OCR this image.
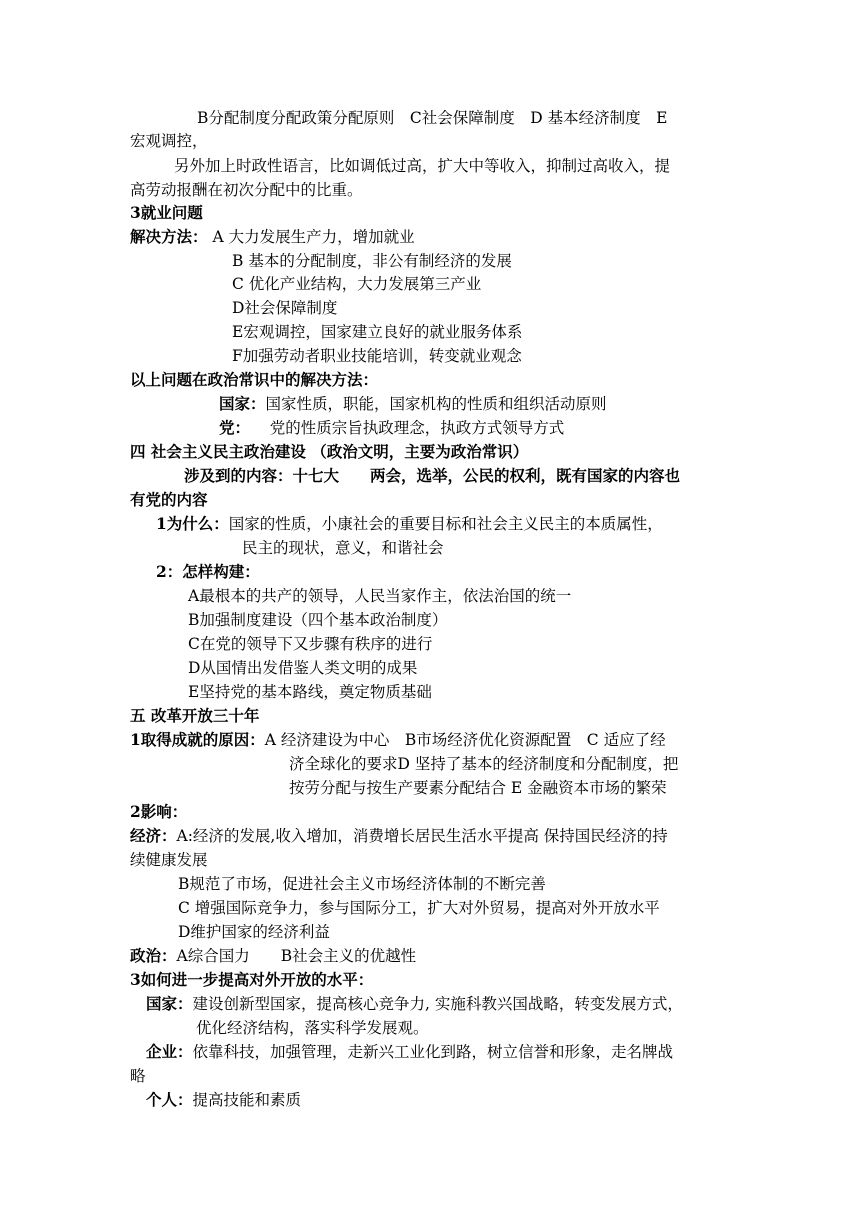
B分配制度分配政策分配原则　C社会保障制度　D 基本经济制度　E
宏观调控，
另外加上时政性语言，比如调低过高，扩大中等收入，抑制过高收入，提
高劳动报酬在初次分配中的比重。
3就业问题
解决方法： A 大力发展生产力，增加就业
B 基本的分配制度，非公有制经济的发展
C 优化产业结构，大力发展第三产业
D社会保障制度
E宏观调控，国家建立良好的就业服务体系
F加强劳动者职业技能培训，转变就业观念
以上问题在政治常识中的解决方法：
国家：国家性质，职能，国家机构的性质和组织活动原则
党： 党的性质宗旨执政理念，执政方式领导方式
四 社会主义民主政治建设 （政治文明，主要为政治常识）
涉及到的内容：十七大　　两会，选举，公民的权利，既有国家的内容也
有党的内容
1为什么：国家的性质，小康社会的重要目标和社会主义民主的本质属性，
民主的现状，意义，和谐社会
2：怎样构建：
A最根本的共产的领导，人民当家作主，依法治国的统一
B加强制度建设（四个基本政治制度）
C在党的领导下又步骤有秩序的进行
D从国情出发借鉴人类文明的成果
E坚持党的基本路线，奠定物质基础
五 改革开放三十年
1取得成就的原因：A 经济建设为中心　B市场经济优化资源配置　C 适应了经
济全球化的要求D 坚持了基本的经济制度和分配制度，把
按劳分配与按生产要素分配结合 E 金融资本市场的繁荣
2影响：
经济：A:经济的发展,收入增加，消费增长居民生活水平提高 保持国民经济的持
续健康发展
B规范了市场，促进社会主义市场经济体制的不断完善
C 增强国际竞争力，参与国际分工，扩大对外贸易，提高对外开放水平
D维护国家的经济利益
政治：A综合国力　　B社会主义的优越性
3如何进一步提高对外开放的水平：
国家：建设创新型国家，提高核心竞争力, 实施科教兴国战略，转变发展方式，
优化经济结构，落实科学发展观。
企业：依靠科技，加强管理，走新兴工业化到路，树立信誉和形象，走名牌战
略
个人：提高技能和素质
